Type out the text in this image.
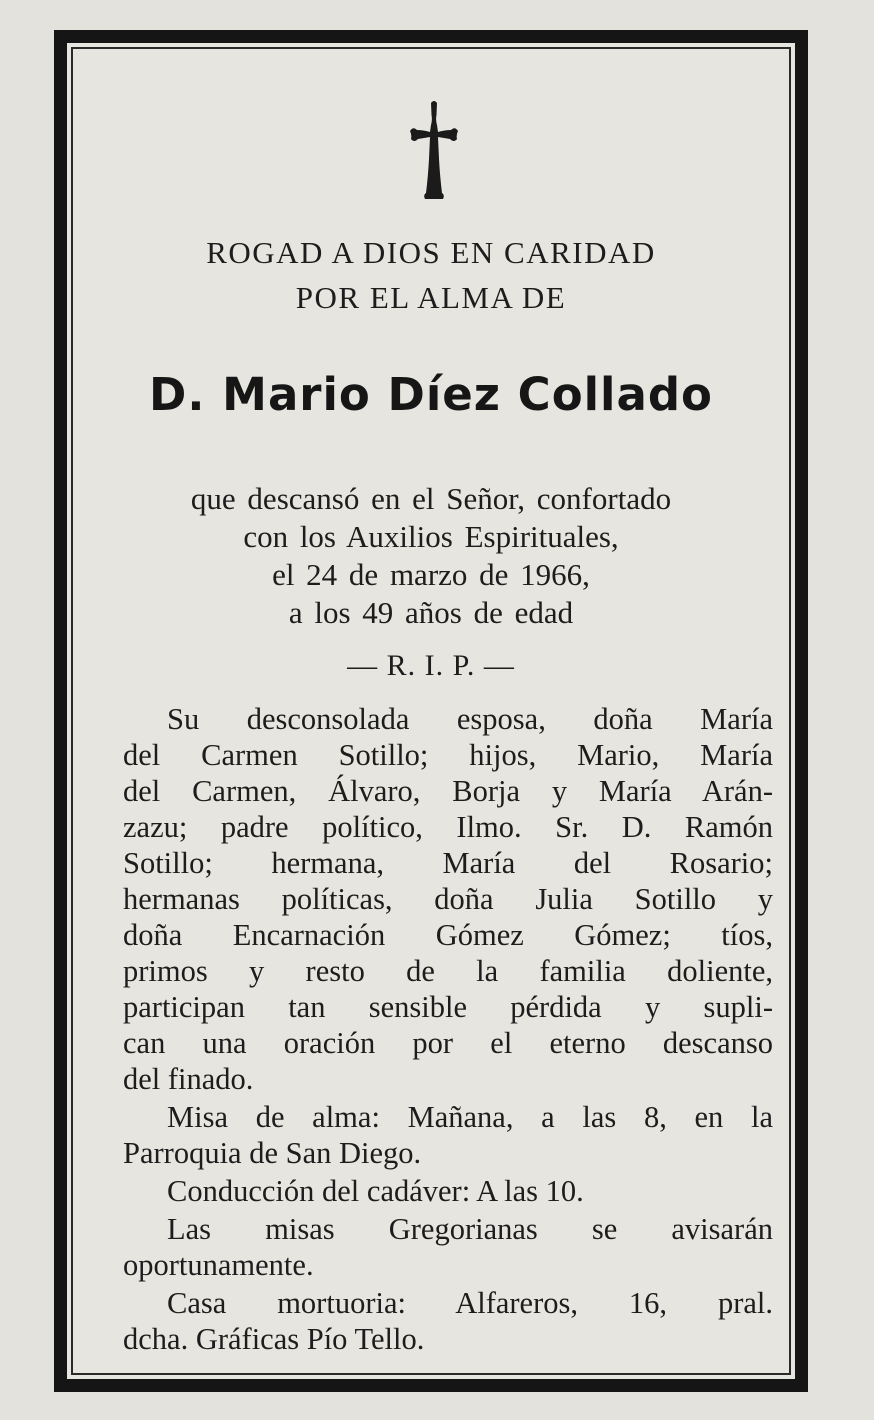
ROGAD A DIOS EN CARIDAD

POR EL ALMA DE

D. Mario Díez Collado

que descansó en el Señor, confortado

con los Auxilios Espirituales,

el 24 de marzo de 1966,

a los 49 años de edad

— R. I. P. —

Su desconsolada esposa, doña María

del Carmen Sotillo; hijos, Mario, María

del Carmen, Álvaro, Borja y María Arán-

zazu; padre político, Ilmo. Sr. D. Ramón

Sotillo; hermana, María del Rosario;

hermanas políticas, doña Julia Sotillo y

doña Encarnación Gómez Gómez; tíos,

primos y resto de la familia doliente,

participan tan sensible pérdida y supli-

can una oración por el eterno descanso

del finado.

Misa de alma: Mañana, a las 8, en la

Parroquia de San Diego.

Conducción del cadáver: A las 10.

Las misas Gregorianas se avisarán

oportunamente.

Casa mortuoria: Alfareros, 16, pral.

dcha. Gráficas Pío Tello.
